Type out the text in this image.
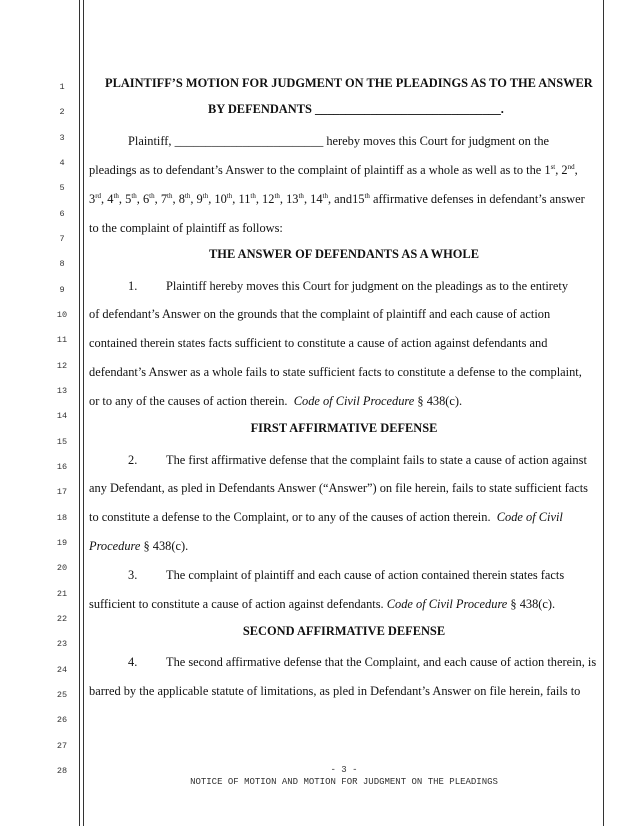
1
2
3
4
5
6
7
8
9
10
11
12
13
14
15
16
17
18
19
20
21
22
23
24
25
26
27
28
PLAINTIFF’S MOTION FOR JUDGMENT ON THE PLEADINGS AS TO THE ANSWER
BY DEFENDANTS ______________________________.
Plaintiff, ________________________ hereby moves this Court for judgment on the
pleadings as to defendant’s Answer to the complaint of plaintiff as a whole as well as to the 1st, 2nd,
3rd, 4th, 5th, 6th, 7th, 8th, 9th, 10th, 11th, 12th, 13th, 14th, and15th affirmative defenses in defendant’s answer
to the complaint of plaintiff as follows:
THE ANSWER OF DEFENDANTS AS A WHOLE
1. Plaintiff hereby moves this Court for judgment on the pleadings as to the entirety
of defendant’s Answer on the grounds that the complaint of plaintiff and each cause of action
contained therein states facts sufficient to constitute a cause of action against defendants and
defendant’s Answer as a whole fails to state sufficient facts to constitute a defense to the complaint,
or to any of the causes of action therein. Code of Civil Procedure § 438(c).
FIRST AFFIRMATIVE DEFENSE
2. The first affirmative defense that the complaint fails to state a cause of action against
any Defendant, as pled in Defendants Answer (“Answer”) on file herein, fails to state sufficient facts
to constitute a defense to the Complaint, or to any of the causes of action therein. Code of Civil
Procedure § 438(c).
3. The complaint of plaintiff and each cause of action contained therein states facts
sufficient to constitute a cause of action against defendants. Code of Civil Procedure § 438(c).
SECOND AFFIRMATIVE DEFENSE
4. The second affirmative defense that the Complaint, and each cause of action therein, is
barred by the applicable statute of limitations, as pled in Defendant’s Answer on file herein, fails to
- 3 -
NOTICE OF MOTION AND MOTION FOR JUDGMENT ON THE PLEADINGS
